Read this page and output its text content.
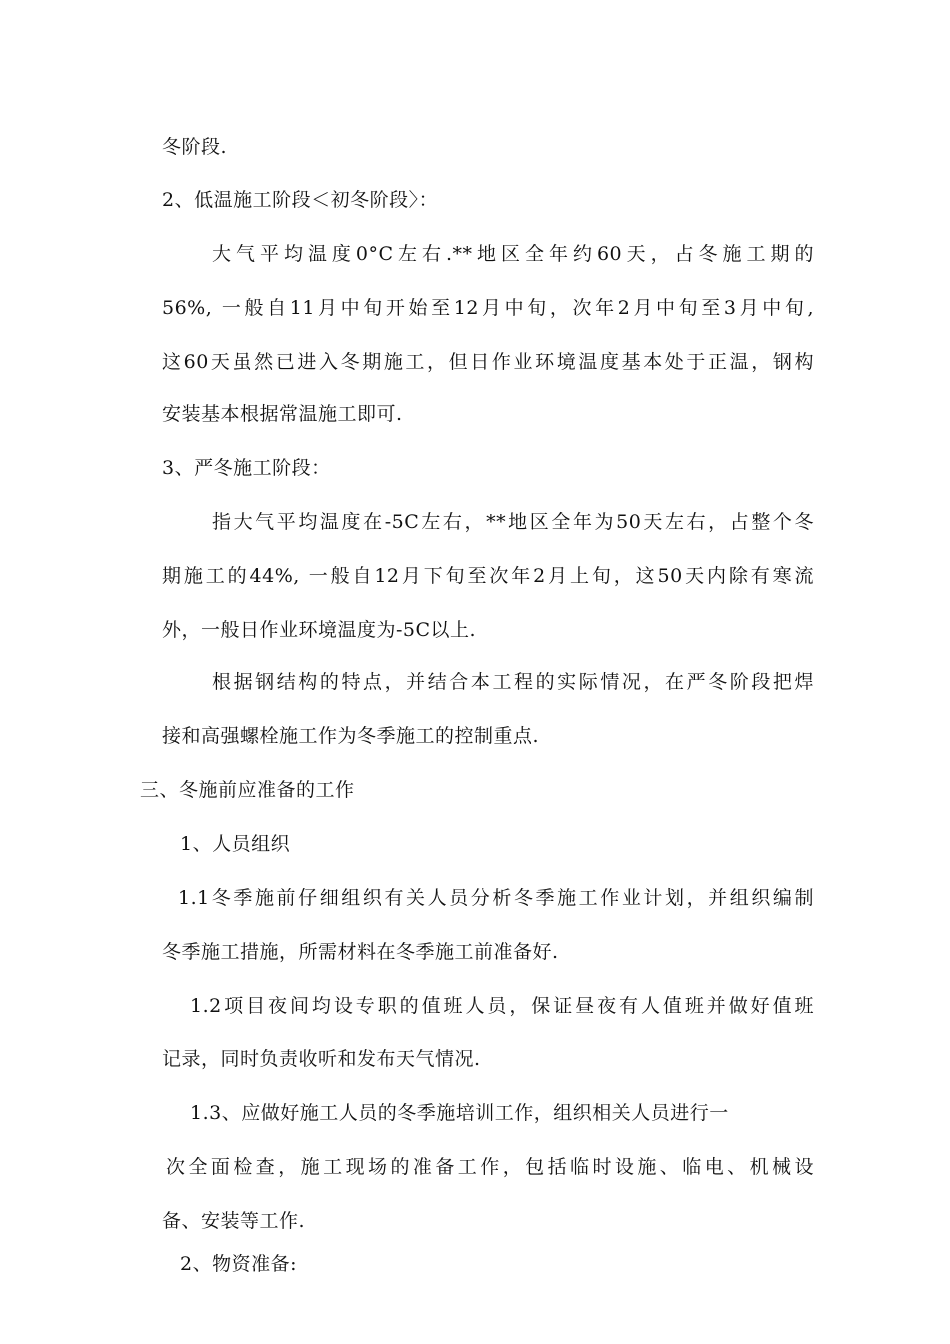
冬阶段.
2、低温施工阶段＜初冬阶段〉：
大气平均温度0°C左右.**地区全年约60天，占冬施工期的
56%, 一般自11月中旬开始至12月中旬，次年2月中旬至3月中旬,
这60天虽然已进入冬期施工，但日作业环境温度基本处于正温，钢构
安装基本根据常温施工即可.
3、严冬施工阶段：
指大气平均温度在-5C左右，**地区全年为50天左右，占整个冬
期施工的44%, 一般自12月下旬至次年2月上旬，这50天内除有寒流
外，一般日作业环境温度为-5C以上.
根据钢结构的特点，并结合本工程的实际情况，在严冬阶段把焊
接和高强螺栓施工作为冬季施工的控制重点.
三、冬施前应准备的工作
1、人员组织
1.1冬季施前仔细组织有关人员分析冬季施工作业计划，并组织编制
冬季施工措施，所需材料在冬季施工前准备好.
1.2项目夜间均设专职的值班人员，保证昼夜有人值班并做好值班
记录，同时负责收听和发布天气情况.
1.3、应做好施工人员的冬季施培训工作，组织相关人员进行一
次全面检查，施工现场的准备工作，包括临时设施、临电、机械设
备、安装等工作.
2、物资准备:
